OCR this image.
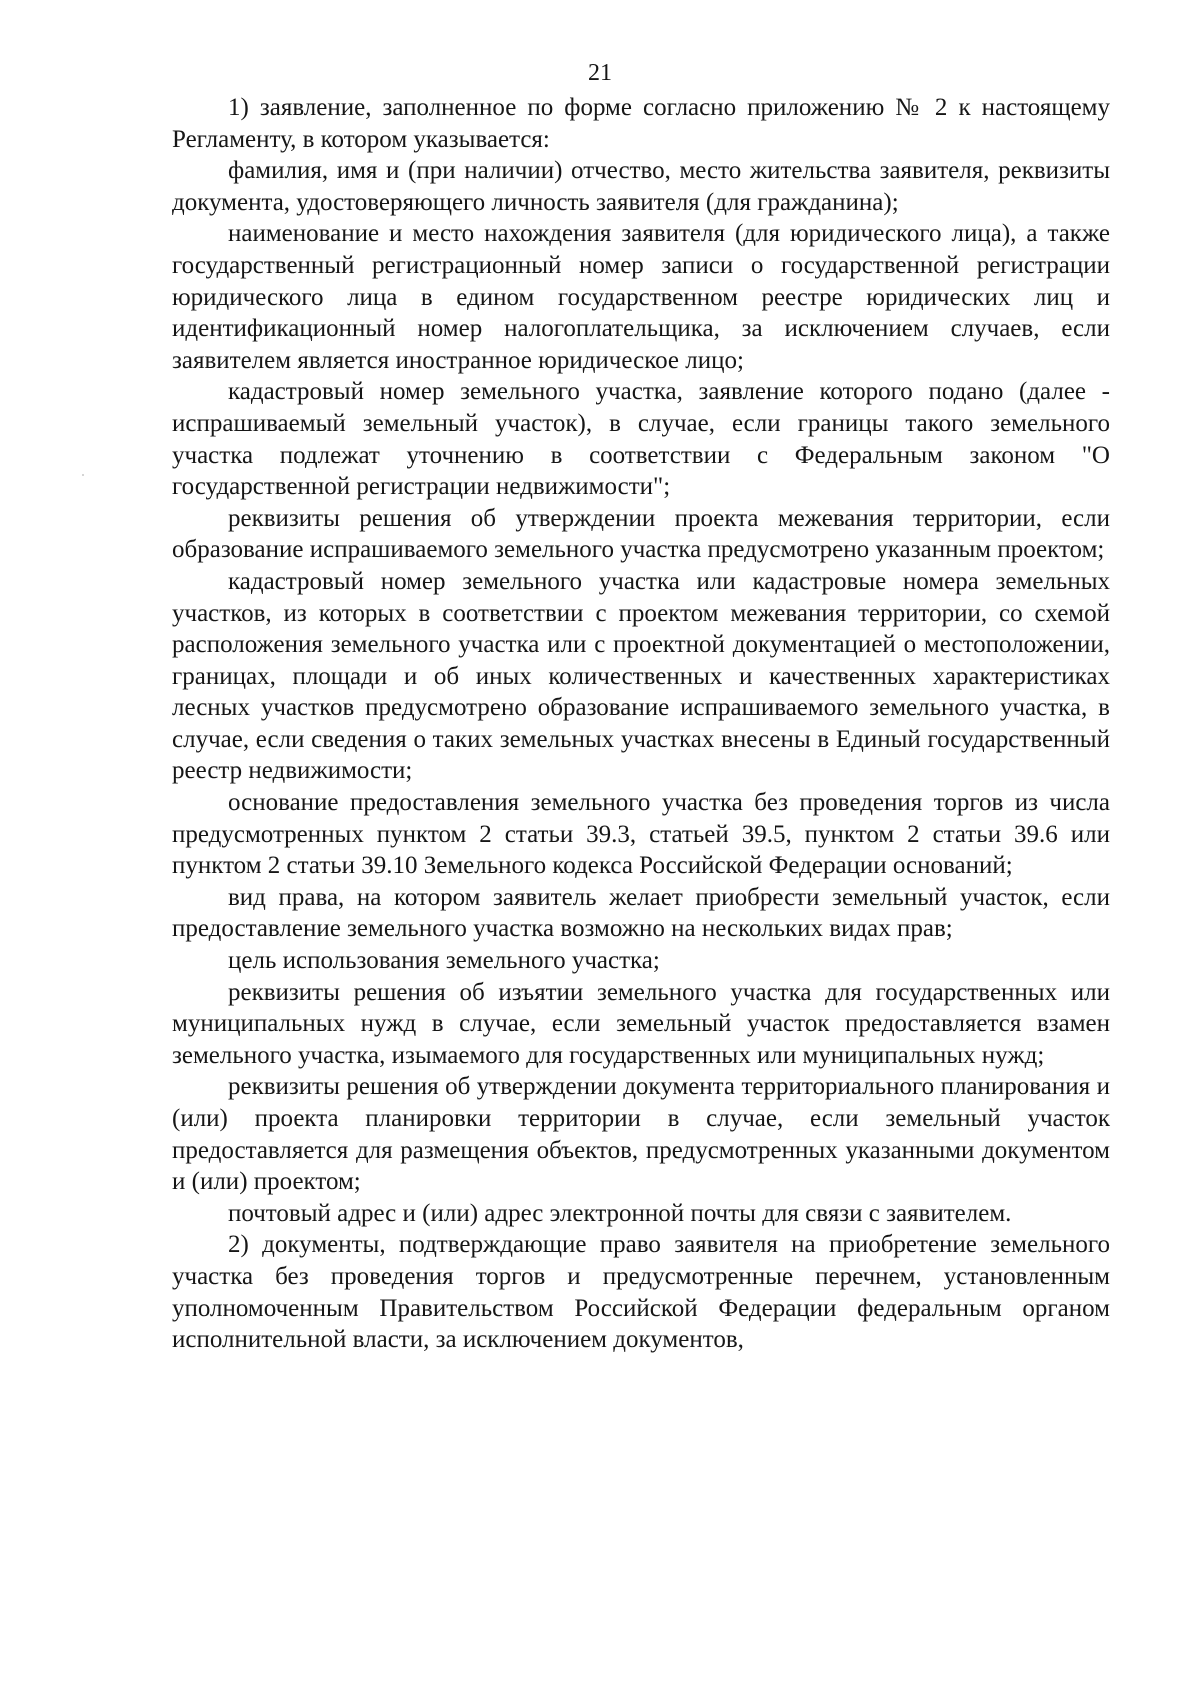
21

1) заявление, заполненное по форме согласно приложению № 2 к настоящему Регламенту, в котором указывается:

фамилия, имя и (при наличии) отчество, место жительства заявителя, реквизиты документа, удостоверяющего личность заявителя (для гражданина);

наименование и место нахождения заявителя (для юридического лица), а также государственный регистрационный номер записи о государственной регистрации юридического лица в едином государственном реестре юридических лиц и идентификационный номер налогоплательщика, за исключением случаев, если заявителем является иностранное юридическое лицо;

кадастровый номер земельного участка, заявление которого подано (далее - испрашиваемый земельный участок), в случае, если границы такого земельного участка подлежат уточнению в соответствии с Федеральным законом "О государственной регистрации недвижимости";

реквизиты решения об утверждении проекта межевания территории, если образование испрашиваемого земельного участка предусмотрено указанным проектом;

кадастровый номер земельного участка или кадастровые номера земельных участков, из которых в соответствии с проектом межевания территории, со схемой расположения земельного участка или с проектной документацией о местоположении, границах, площади и об иных количественных и качественных характеристиках лесных участков предусмотрено образование испрашиваемого земельного участка, в случае, если сведения о таких земельных участках внесены в Единый государственный реестр недвижимости;

основание предоставления земельного участка без проведения торгов из числа предусмотренных пунктом 2 статьи 39.3, статьей 39.5, пунктом 2 статьи 39.6 или пунктом 2 статьи 39.10 Земельного кодекса Российской Федерации оснований;

вид права, на котором заявитель желает приобрести земельный участок, если предоставление земельного участка возможно на нескольких видах прав;

цель использования земельного участка;

реквизиты решения об изъятии земельного участка для государственных или муниципальных нужд в случае, если земельный участок предоставляется взамен земельного участка, изымаемого для государственных или муниципальных нужд;

реквизиты решения об утверждении документа территориального планирования и (или) проекта планировки территории в случае, если земельный участок предоставляется для размещения объектов, предусмотренных указанными документом и (или) проектом;

почтовый адрес и (или) адрес электронной почты для связи с заявителем.

2) документы, подтверждающие право заявителя на приобретение земельного участка без проведения торгов и предусмотренные перечнем, установленным уполномоченным Правительством Российской Федерации федеральным органом исполнительной власти, за исключением документов,
